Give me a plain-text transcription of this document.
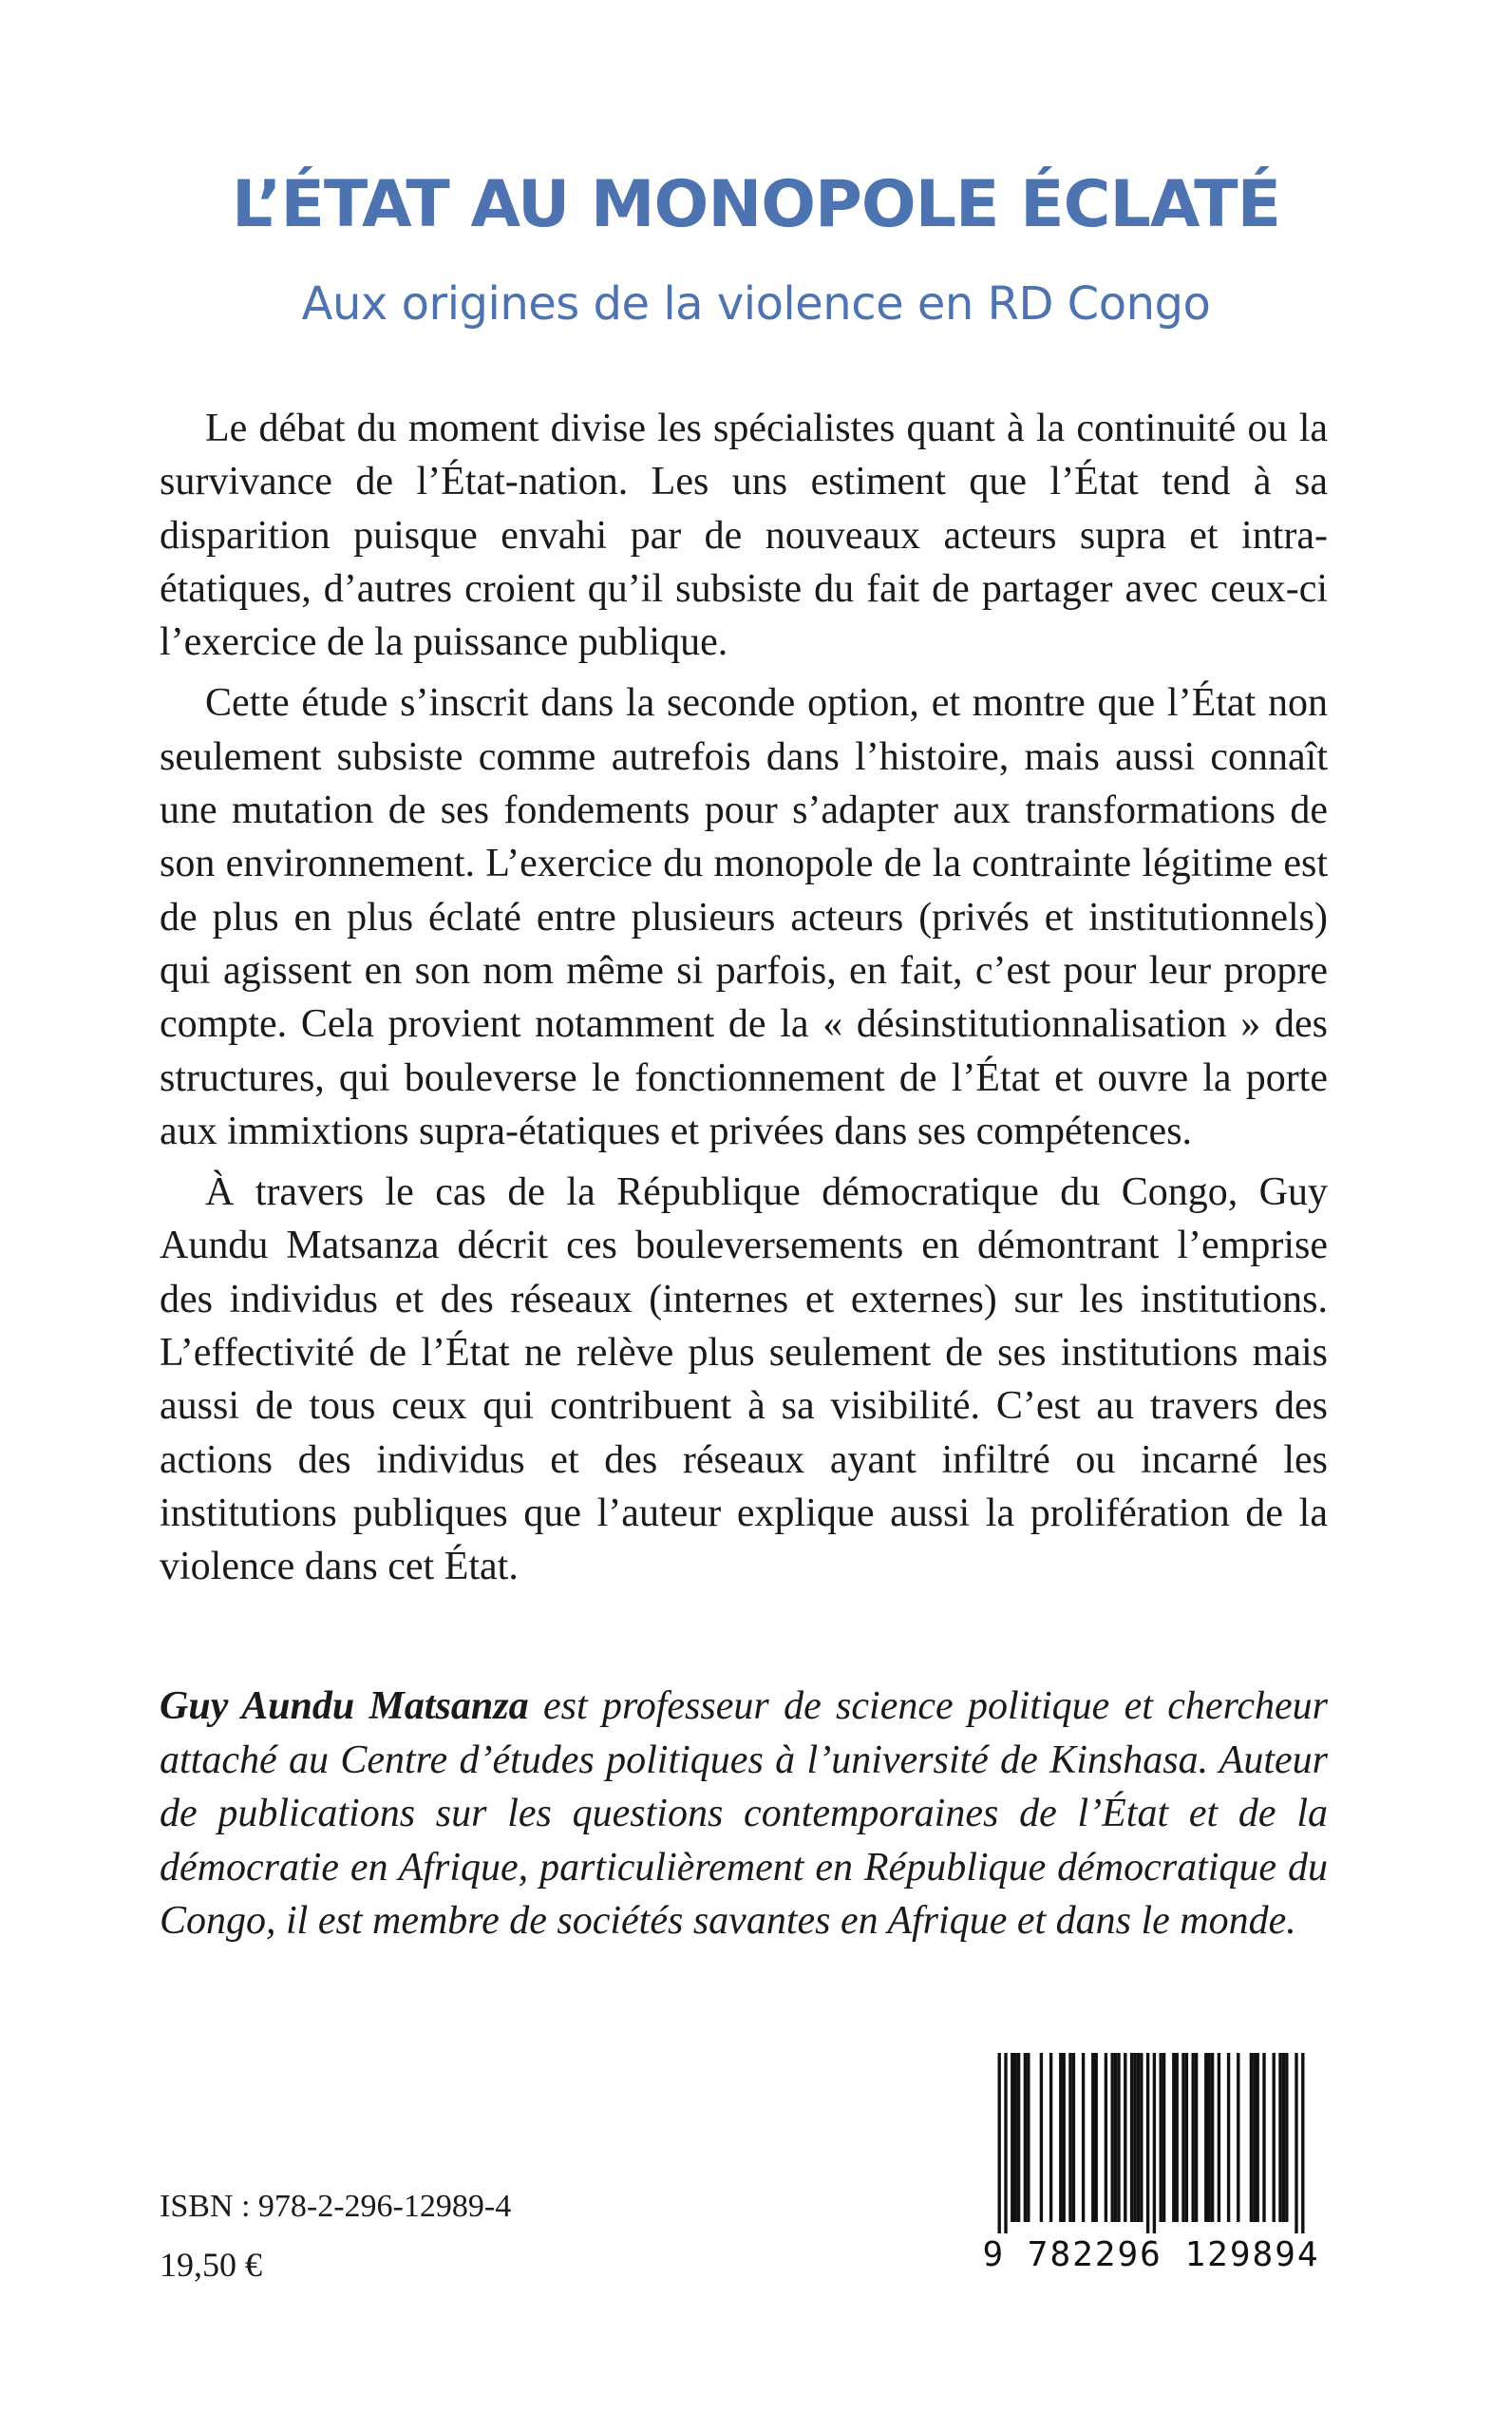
L’ÉTAT AU MONOPOLE ÉCLATÉ
Aux origines de la violence en RD Congo

Le débat du moment divise les spécialistes quant à la continuité ou la survivance de l’État-nation. Les uns estiment que l’État tend à sa disparition puisque envahi par de nouveaux acteurs supra et intra-étatiques, d’autres croient qu’il subsiste du fait de partager avec ceux-ci l’exercice de la puissance publique.

Cette étude s’inscrit dans la seconde option, et montre que l’État non seulement subsiste comme autrefois dans l’histoire, mais aussi connaît une mutation de ses fondements pour s’adapter aux transformations de son environnement. L’exercice du monopole de la contrainte légitime est de plus en plus éclaté entre plusieurs acteurs (privés et institutionnels) qui agissent en son nom même si parfois, en fait, c’est pour leur propre compte. Cela provient notamment de la « désinstitutionnalisation » des structures, qui bouleverse le fonctionnement de l’État et ouvre la porte aux immixtions supra-étatiques et privées dans ses compétences.

À travers le cas de la République démocratique du Congo, Guy Aundu Matsanza décrit ces bouleversements en démontrant l’emprise des individus et des réseaux (internes et externes) sur les institutions. L’effectivité de l’État ne relève plus seulement de ses institutions mais aussi de tous ceux qui contribuent à sa visibilité. C’est au travers des actions des individus et des réseaux ayant infiltré ou incarné les institutions publiques que l’auteur explique aussi la prolifération de la violence dans cet État.

Guy Aundu Matsanza est professeur de science politique et chercheur attaché au Centre d’études politiques à l’université de Kinshasa. Auteur de publications sur les questions contemporaines de l’État et de la démocratie en Afrique, particulièrement en République démocratique du Congo, il est membre de sociétés savantes en Afrique et dans le monde.

ISBN : 978-2-296-12989-4
19,50 €	9 782296 129894
